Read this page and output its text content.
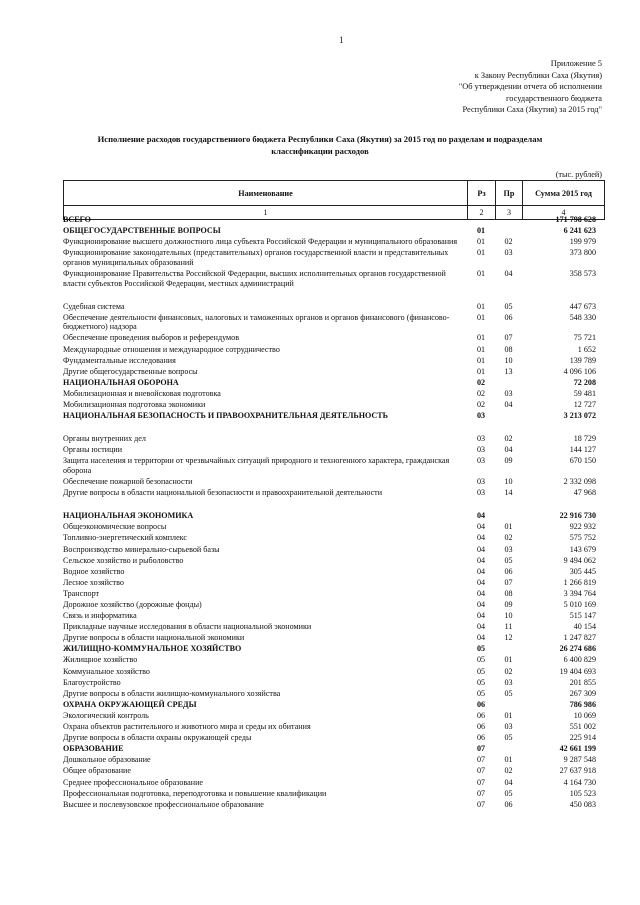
1
Приложение 5
к Закону Республики Саха (Якутия)
"Об утверждении отчета об исполнении
государственного бюджета
Республики Саха (Якутия) за 2015 год"
Исполнение расходов государственного бюджета Республики Саха (Якутия) за 2015 год по разделам и подразделам
классификации расходов
(тыс. рублей)
Наименование	Рз	Пр	Сумма 2015 год
1	2	3	4
ВСЕГО	171 798 628
ОБЩЕГОСУДАРСТВЕННЫЕ ВОПРОСЫ	01	6 241 623
Функционирование высшего должностного лица субъекта Российской Федерации и муниципального образования	01	02	199 979
Функционирование законодательных (представительных) органов государственной власти и представительных органов муниципальных образований
01	03	373 800
Функционирование Правительства Российской Федерации, высших исполнительных органов государственной власти субъектов Российской Федерации, местных администраций
01	04	358 573
Судебная система	01	05	447 673
Обеспечение деятельности финансовых, налоговых и таможенных органов и органов финансового (финансово-бюджетного) надзора
01	06	548 330
Обеспечение проведения выборов и референдумов	01	07	75 721
Международные отношения и международное сотрудничество	01	08	1 652
Фундаментальные исследования	01	10	139 789
Другие общегосударственные вопросы	01	13	4 096 106
НАЦИОНАЛЬНАЯ ОБОРОНА	02	72 208
Мобилизационная и вневойсковая подготовка	02	03	59 481
Мобилизационная подготовка экономики	02	04	12 727
НАЦИОНАЛЬНАЯ БЕЗОПАСНОСТЬ И ПРАВООХРАНИТЕЛЬНАЯ ДЕЯТЕЛЬНОСТЬ	03	3 213 072
Органы внутренних дел	03	02	18 729
Органы юстиции	03	04	144 127
Защита населения и территории от чрезвычайных ситуаций природного и техногенного характера, гражданская оборона
03	09	670 150
Обеспечение пожарной безопасности	03	10	2 332 098
Другие вопросы в области национальной безопасности и правоохранительной деятельности	03	14	47 968
НАЦИОНАЛЬНАЯ ЭКОНОМИКА	04	22 916 730
Общеэкономические вопросы	04	01	922 932
Топливно-энергетический комплекс	04	02	575 752
Воспроизводство минерально-сырьевой базы	04	03	143 679
Сельское хозяйство и рыболовство	04	05	9 494 062
Водное хозяйство	04	06	305 445
Лесное хозяйство	04	07	1 266 819
Транспорт	04	08	3 394 764
Дорожное хозяйство (дорожные фонды)	04	09	5 010 169
Связь и информатика	04	10	515 147
Прикладные научные исследования в области национальной экономики	04	11	40 154
Другие вопросы в области национальной экономики	04	12	1 247 827
ЖИЛИЩНО-КОММУНАЛЬНОЕ ХОЗЯЙСТВО	05	26 274 686
Жилищное хозяйство	05	01	6 400 829
Коммунальное хозяйство	05	02	19 404 693
Благоустройство	05	03	201 855
Другие вопросы в области жилищно-коммунального хозяйства	05	05	267 309
ОХРАНА ОКРУЖАЮЩЕЙ СРЕДЫ	06	786 986
Экологический контроль	06	01	10 069
Охрана объектов растительного и животного мира и среды их обитания	06	03	551 002
Другие вопросы в области охраны окружающей среды	06	05	225 914
ОБРАЗОВАНИЕ	07	42 661 199
Дошкольное образование	07	01	9 287 548
Общее образование	07	02	27 637 918
Среднее профессиональное образование	07	04	4 164 730
Профессиональная подготовка, переподготовка и повышение квалификации	07	05	105 523
Высшее и послевузовское профессиональное образование	07	06	450 083
